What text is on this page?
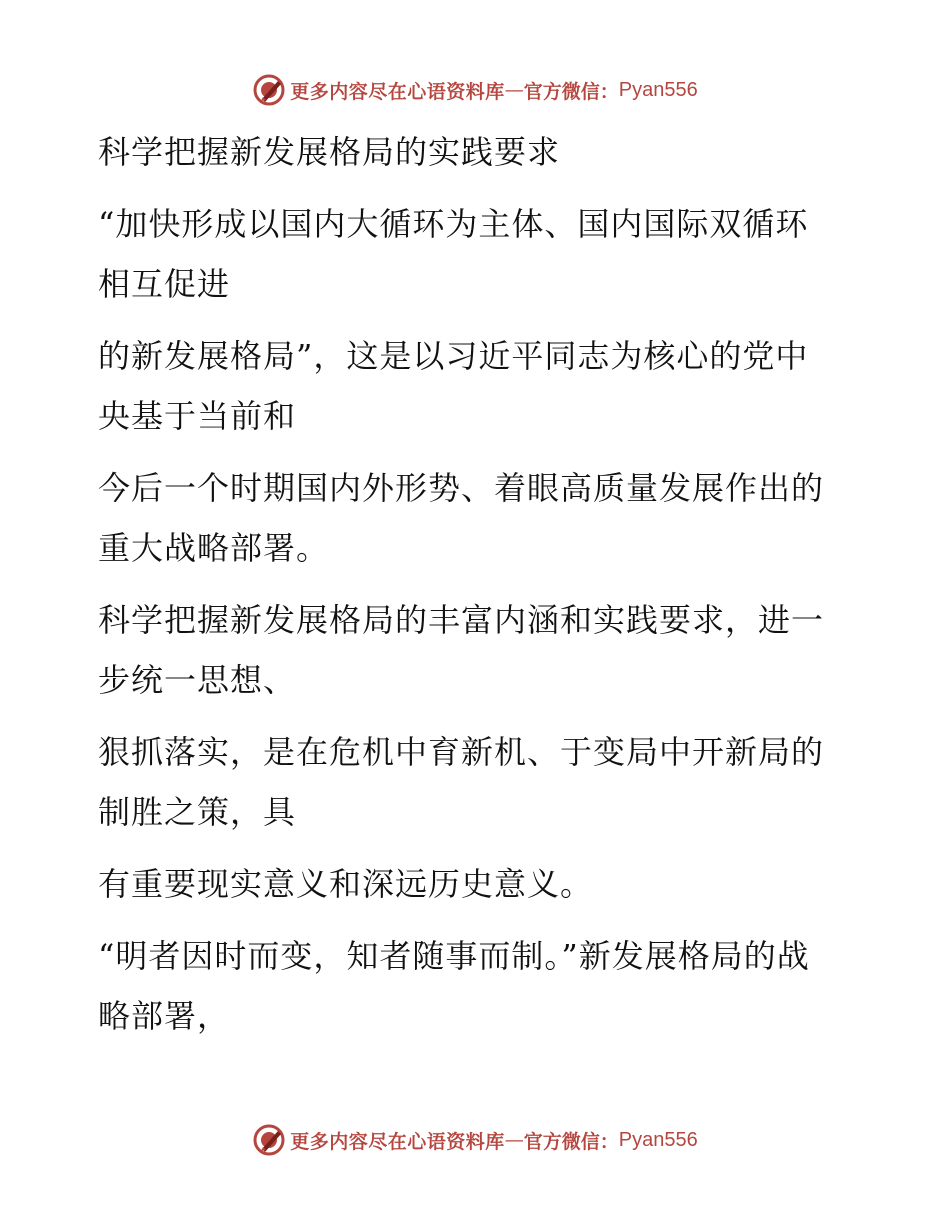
更多内容尽在心语资料库 — 官方微信： Pyan556

科学把握新发展格局的实践要求

“加快形成以国内大循环为主体、国内国际双循环相互促进

的新发展格局”，这是以习近平同志为核心的党中央基于当前和

今后一个时期国内外形势、着眼高质量发展作出的重大战略部署。

科学把握新发展格局的丰富内涵和实践要求，进一步统一思想、

狠抓落实，是在危机中育新机、于变局中开新局的制胜之策，具

有重要现实意义和深远历史意义。

“明者因时而变，知者随事而制。”新发展格局的战略部署，

更多内容尽在心语资料库 — 官方微信： Pyan556
